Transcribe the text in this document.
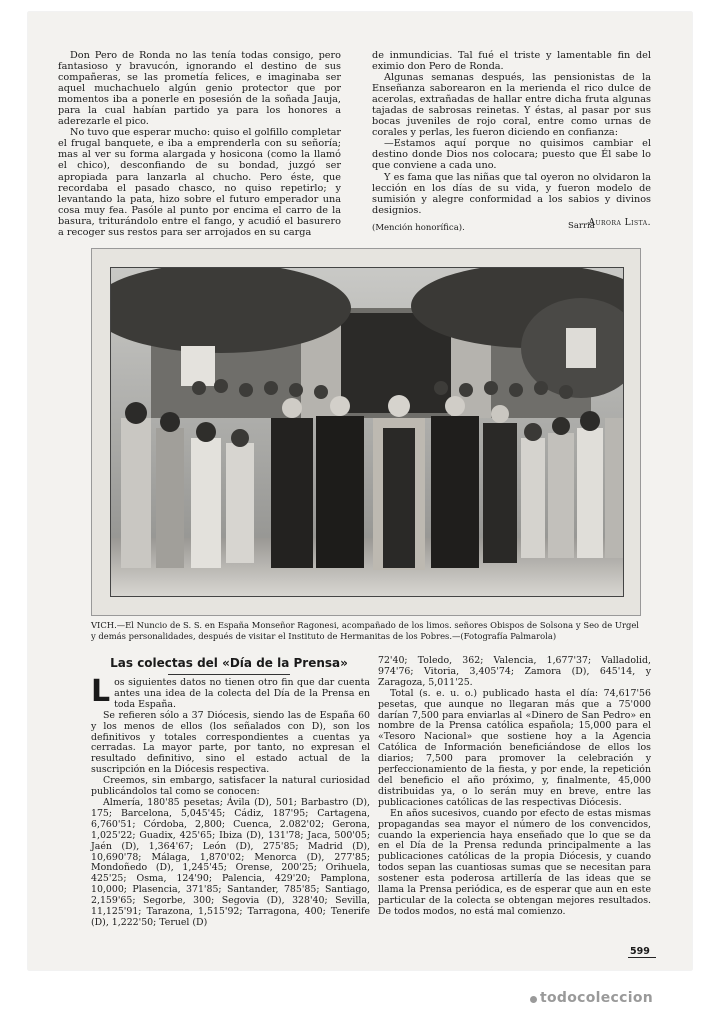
Don Pero de Ronda no las tenía todas consigo, pero fantasioso y bravucón, ignorando el destino de sus compañeras, se las prometía felices, e imaginaba ser aquel muchachuelo algún genio protector que por momentos iba a ponerle en posesión de la soñada Jauja, para la cual habían partido ya para los honores a aderezarle el pico.

No tuvo que esperar mucho: quiso el golfillo completar el frugal banquete, e iba a emprenderla con su señoría; mas al ver su forma alargada y hosicona (como la llamó el chico), desconfiando de su bondad, juzgó ser apropiada para lanzarla al chucho. Pero éste, que recordaba el pasado chasco, no quiso repetirlo; y levantando la pata, hizo sobre el futuro emperador una cosa muy fea. Pasóle al punto por encima el carro de la basura, triturándolo entre el fango, y acudió el basurero a recoger sus restos para ser arrojados en su carga

de inmundicias. Tal fué el triste y lamentable fin del eximio don Pero de Ronda.

Algunas semanas después, las pensionistas de la Enseñanza saborearon en la merienda el rico dulce de acerolas, extrañadas de hallar entre dicha fruta algunas tajadas de sabrosas reinetas. Y éstas, al pasar por sus bocas juveniles de rojo coral, entre como urnas de corales y perlas, les fueron diciendo en confianza:

—Estamos aquí porque no quisimos cambiar el destino donde Dios nos colocara; puesto que Él sabe lo que conviene a cada uno.

Y es fama que las niñas que tal oyeron no olvidaron la lección en los días de su vida, y fueron modelo de sumisión y alegre conformidad a los sabios y divinos designios.

Aurora Lista.
(Mención honorífica).	Sarriá
VICH.—El Nuncio de S. S. en España Monseñor Ragonesi, acompañado de los limos. señores Obispos de Solsona y Seo de Urgel y demás personalidades, después de visitar el Instituto de Hermanitas de los Pobres.—(Fotografía Palmarola)
Las colectas del «Día de la Prensa»

Los siguientes datos no tienen otro fin que dar cuenta antes una idea de la colecta del Día de la Prensa en toda España.

Se refieren sólo a 37 Diócesis, siendo las de España 60 y los menos de ellos (los señalados con D), son los definitivos y totales correspondientes a cuentas ya cerradas. La mayor parte, por tanto, no expresan el resultado definitivo, sino el estado actual de la suscripción en la Diócesis respectiva.

Creemos, sin embargo, satisfacer la natural curiosidad publicándolos tal como se conocen:

Almería, 180'85 pesetas; Ávila (D), 501; Barbastro (D), 175; Barcelona, 5,045'45; Cádiz, 187'95; Cartagena, 6,760'51; Córdoba, 2,800; Cuenca, 2.082'02; Gerona, 1,025'22; Guadix, 425'65; Ibiza (D), 131'78; Jaca, 500'05; Jaén (D), 1,364'67; León (D), 275'85; Madrid (D), 10,690'78; Málaga, 1,870'02; Menorca (D), 277'85; Mondoñedo (D), 1,245'45; Orense, 200'25; Orihuela, 425'25; Osma, 124'90; Palencia, 429'20; Pamplona, 10,000; Plasencia, 371'85; Santander, 785'85; Santiago, 2,159'65; Segorbe, 300; Segovia (D), 328'40; Sevilla, 11,125'91; Tarazona, 1,515'92; Tarragona, 400; Tenerife (D), 1,222'50; Teruel (D)

72'40; Toledo, 362; Valencia, 1,677'37; Valladolid, 974'76; Vitoria, 3,405'74; Zamora (D), 645'14, y Zaragoza, 5,011'25.

Total (s. e. u. o.) publicado hasta el día: 74,617'56 pesetas, que aunque no llegaran más que a 75'000 darían 7,500 para enviarlas al «Dinero de San Pedro» en nombre de la Prensa católica española; 15,000 para el «Tesoro Nacional» que sostiene hoy a la Agencia Católica de Información beneficiándose de ellos los diarios; 7,500 para promover la celebración y perfeccionamiento de la fiesta, y por ende, la repetición del beneficio el año próximo, y, finalmente, 45,000 distribuidas ya, o lo serán muy en breve, entre las publicaciones católicas de las respectivas Diócesis.

En años sucesivos, cuando por efecto de estas mismas propagandas sea mayor el número de los convencidos, cuando la experiencia haya enseñado que lo que se da en el Día de la Prensa redunda principalmente a las publicaciones católicas de la propia Diócesis, y cuando todos sepan las cuantiosas sumas que se necesitan para sostener esta poderosa artillería de las ideas que se llama la Prensa periódica, es de esperar que aun en este particular de la colecta se obtengan mejores resultados. De todos modos, no está mal comienzo.

599
todocoleccion
